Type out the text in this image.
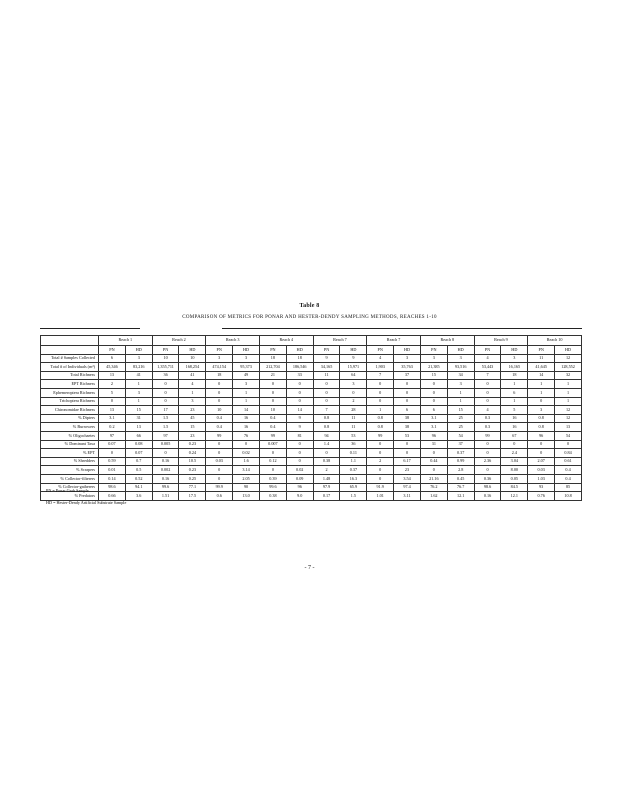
Table 8
COMPARISON OF METRICS FOR PONAR AND HESTER-DENDY SAMPLING METHODS, REACHES 1-10
	Reach 1		Reach 2		Reach 3		Reach 4		Reach 7		Reach 7		Reach 8		Reach 9		Reach 10	
	PN	HD	PN	HD	PN	HD	PN	HD	PN	HD	PN	HD	PN	HD	PN	HD	PN	HD
Total # Samples Collected	6	3	10	10	3	3	18	18	9	9	4	3	3	3	4	3	11	12
Total # of Individuals (m²)	45,346	83,216	1,355,711	168,254	474,154	95,373	212,704	186,546	34,165	15,971	1,903	35,763	21,385	93,516	53,443	16,165	41,645	128,552
Total Richness	13	41	36	41	18	49	21	33	11	64	7	37	15	34	7	18	14	32
EPT Richness	2	1	0	4	0	3	0	0	0	3	0	0	0	3	0	1	1	1
Ephemeroptera Richness	5	3	0	1	0	1	0	0	0	0	0	0	0	1	0	6	1	1
Trichoptera Richness	0	1	0	3	0	1	0	0	0	2	0	0	0	1	0	1	0	1
Chironomidae Richness	13	15	17	23	10	14	10	14	7	28	1	6	6	15	4	5	3	12
% Dipters	3.1	31	1.5	45	0.4	16	0.4	9	0.8	11	0.8	38	3.1	25	0.3	16	0.8	12
% Burrowers	0.2	13	1.5	15	0.4	16	0.4	9	0.8	11	0.8	38	3.1	25	0.3	16	0.8	13
% Oligochaetes	97	66	97	23	99	76	99	81	94	53	99	53	96	54	99	67	96	54
% Dominant Taxa	0.07	0.08	0.005	0.23	0	0	0.007	0	1.4	36	0	0	31	37	0	0	0	0
% EPT	0	0.07	0	0.24	0	0.02	0	0	0	0.11	0	0	0	0.37	0	2.4	0	0.84
% Shredders	0.59	0.7	0.16	10.5	0.03	1.6	0.12	0	0.38	1.1	2	6.17	0.44	0.99	2.36	3.04	2.07	0.61
% Scrapers	0.01	0.5	0.002	0.23	0	3.14	0	0.02	2	0.37	0	23	0	2.8	0	8.00	0.03	0.4
% Collector-filterers	0.14	0.52	0.16	0.25	0	2.05	0.39	0.09	1.48	16.3	0	3.54	21.16	0.45	0.36	0.05	1.03	0.4
% Collector-gatherers	98.6	94.1	99.6	77.1	99.9	90	99.6	96	97.9	65.9	91.9	97.4	76.2	76.7	98.6	84.5	93	85
% Predators	0.66	3.6	1.51	17.5	0.6	13.0	0.38	9.0	0.17	1.5	1.01	3.11	1.62	12.1	0.16	12.1	0.76	10.8
PN = Ponar Grab Sample
HD = Hester-Dendy Artificial Substrate Sample
- 7 -
